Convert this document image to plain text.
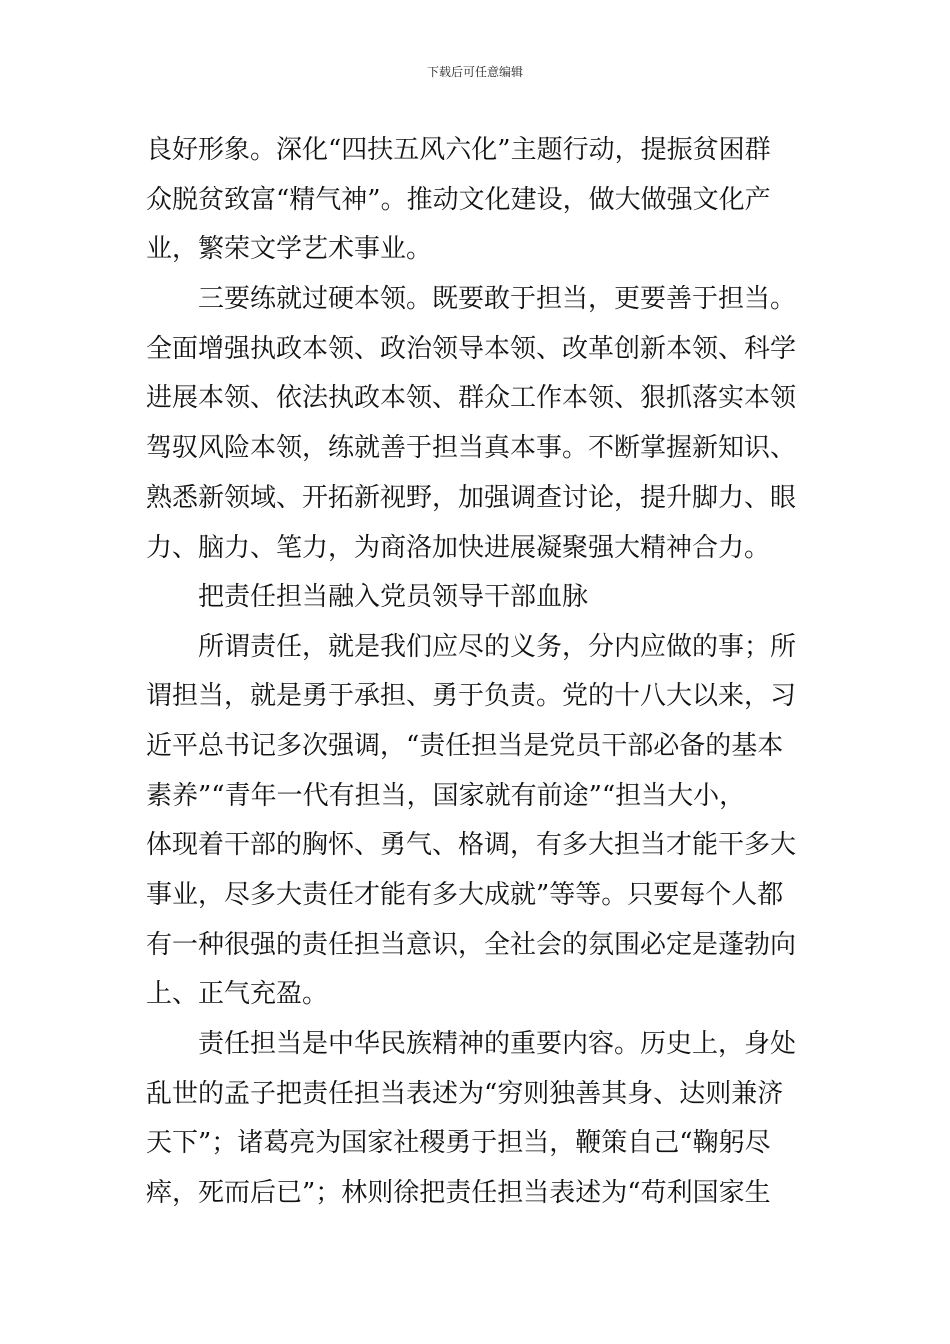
下载后可任意编辑
良好形象。深化“四扶五风六化”主题行动，提振贫困群
众脱贫致富“精气神”。推动文化建设，做大做强文化产
业，繁荣文学艺术事业。
三要练就过硬本领。既要敢于担当，更要善于担当。
全面增强执政本领、政治领导本领、改革创新本领、科学
进展本领、依法执政本领、群众工作本领、狠抓落实本领
驾驭风险本领，练就善于担当真本事。不断掌握新知识、
熟悉新领域、开拓新视野，加强调查讨论，提升脚力、眼
力、脑力、笔力，为商洛加快进展凝聚强大精神合力。
把责任担当融入党员领导干部血脉
所谓责任，就是我们应尽的义务，分内应做的事；所
谓担当，就是勇于承担、勇于负责。党的十八大以来，习
近平总书记多次强调，“责任担当是党员干部必备的基本
素养”“青年一代有担当，国家就有前途”“担当大小，
体现着干部的胸怀、勇气、格调，有多大担当才能干多大
事业，尽多大责任才能有多大成就”等等。只要每个人都
有一种很强的责任担当意识，全社会的氛围必定是蓬勃向
上、正气充盈。
责任担当是中华民族精神的重要内容。历史上，身处
乱世的孟子把责任担当表述为“穷则独善其身、达则兼济
天下”；诸葛亮为国家社稷勇于担当，鞭策自己“鞠躬尽
瘁，死而后已”；林则徐把责任担当表述为“苟利国家生
